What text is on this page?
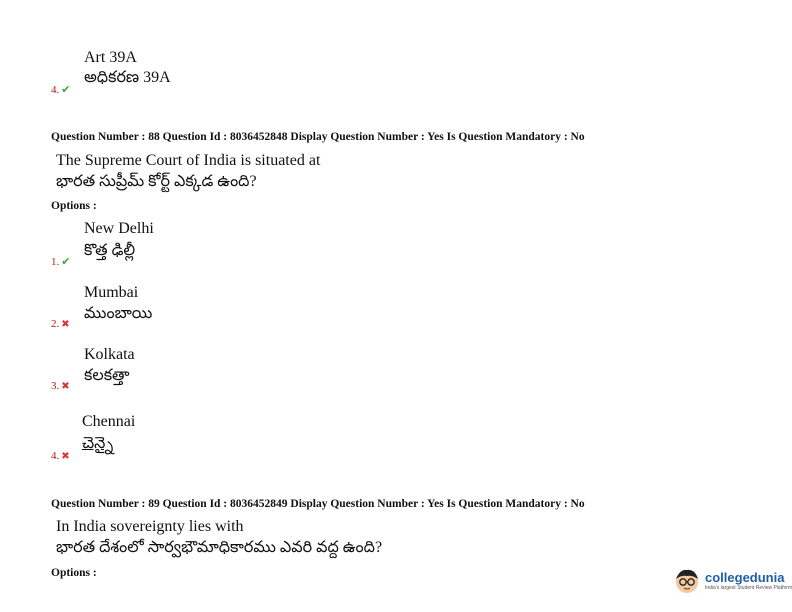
Art 39A
అధికరణ 39A
4. ✔
Question Number : 88 Question Id : 8036452848 Display Question Number : Yes Is Question Mandatory : No
The Supreme Court of India is situated at
భారత సుప్రీమ్ కోర్ట్ ఎక్కడ ఉంది?
Options :
New Delhi
కొత్త ఢిల్లీ
1. ✔
Mumbai
ముంబాయి
2. ✖
Kolkata
కలకత్తా
3. ✖
Chennai
చెన్నై
4. ✖
Question Number : 89 Question Id : 8036452849 Display Question Number : Yes Is Question Mandatory : No
In India sovereignty lies with
భారత దేశంలో సార్వభౌమాధికారము ఎవరి వద్ద ఉంది?
Options :	collegedunia
India's largest Student Review Platform
